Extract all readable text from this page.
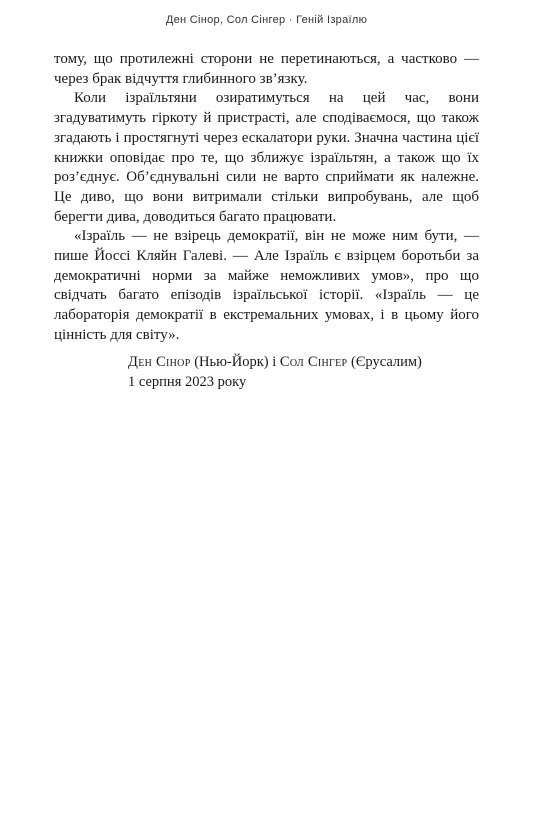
Ден Сінор, Сол Сінгер · Геній Ізраїлю

тому, що протилежні сторони не перетинаються, а частково — через брак відчуття глибинного зв’язку.

Коли ізраїльтяни озиратимуться на цей час, вони згадуватимуть гіркоту й пристрасті, але сподіваємося, що також згадають і простягнуті через ескалатори руки. Значна частина цієї книжки оповідає про те, що зближує ізраїльтян, а також що їх роз’єднує. Об’єднувальні сили не варто сприймати як належне. Це диво, що вони витримали стільки випробувань, але щоб берегти дива, доводиться багато працювати.

«Ізраїль — не взірець демократії, він не може ним бути, — пише Йоссі Кляйн Галеві. — Але Ізраїль є взірцем боротьби за демократичні норми за майже неможливих умов», про що свідчать багато епізодів ізраїльської історії. «Ізраїль — це лабораторія демократії в екстремальних умовах, і в цьому його цінність для світу».

Ден Сінор (Нью-Йорк) і Сол Сінгер (Єрусалим)

1 серпня 2023 року
